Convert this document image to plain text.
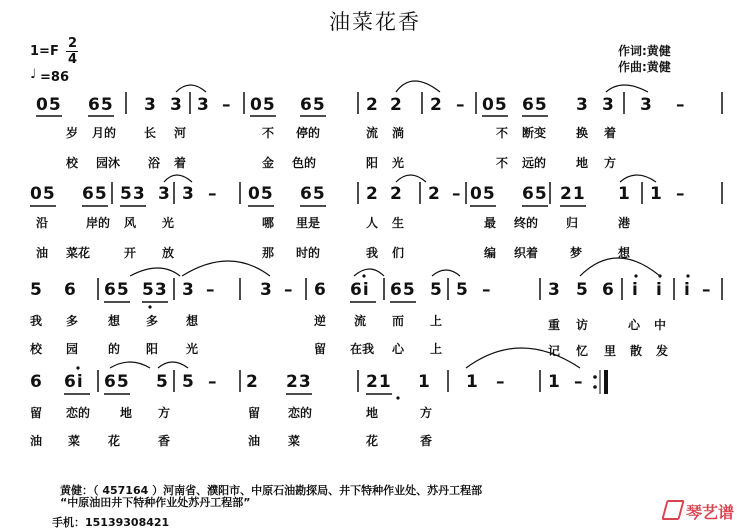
油菜花香
1=F
2
4
♩ =86
作词:黄健
作曲:黄健
05 65 3 3 3 – 05 65 2 2 2 – 05 65 3 3 3 –
岁 月的 长 河	不 停的	流 淌	不 断变 换 着
校 园沐 浴 着	金 色的	阳 光	不 远的 地 方
05 65 53 3 3 – 05 65 2 2 2 – 05 65 21 1 1 –
沿	岸的 风 光	哪 里是	人 生	最 终的 归	港
油 菜花	开 放	那 时的	我 们	编 织着	梦	想
5 6 65 53 3 –	3 – 6 6i 65 5 5 –	3 5 6 i i i –
我 多 想 多 想	逆 流 而 上	重 访	心 中
校 园 的 阳 光	留 在我 心 上	记 忆 里 散 发
6 6i 65 5 5 – 2 23	21 1 1 –	1 –
留 恋的 地 方	留 恋的	地	方
油 菜 花	香	油 菜	花	香
黄健：（ 457164 ）河南省、濮阳市、中原石油勘探局、井下特种作业处、苏丹工程部
“中原油田井下特种作业处苏丹工程部”
手机：15139308421
琴艺谱
